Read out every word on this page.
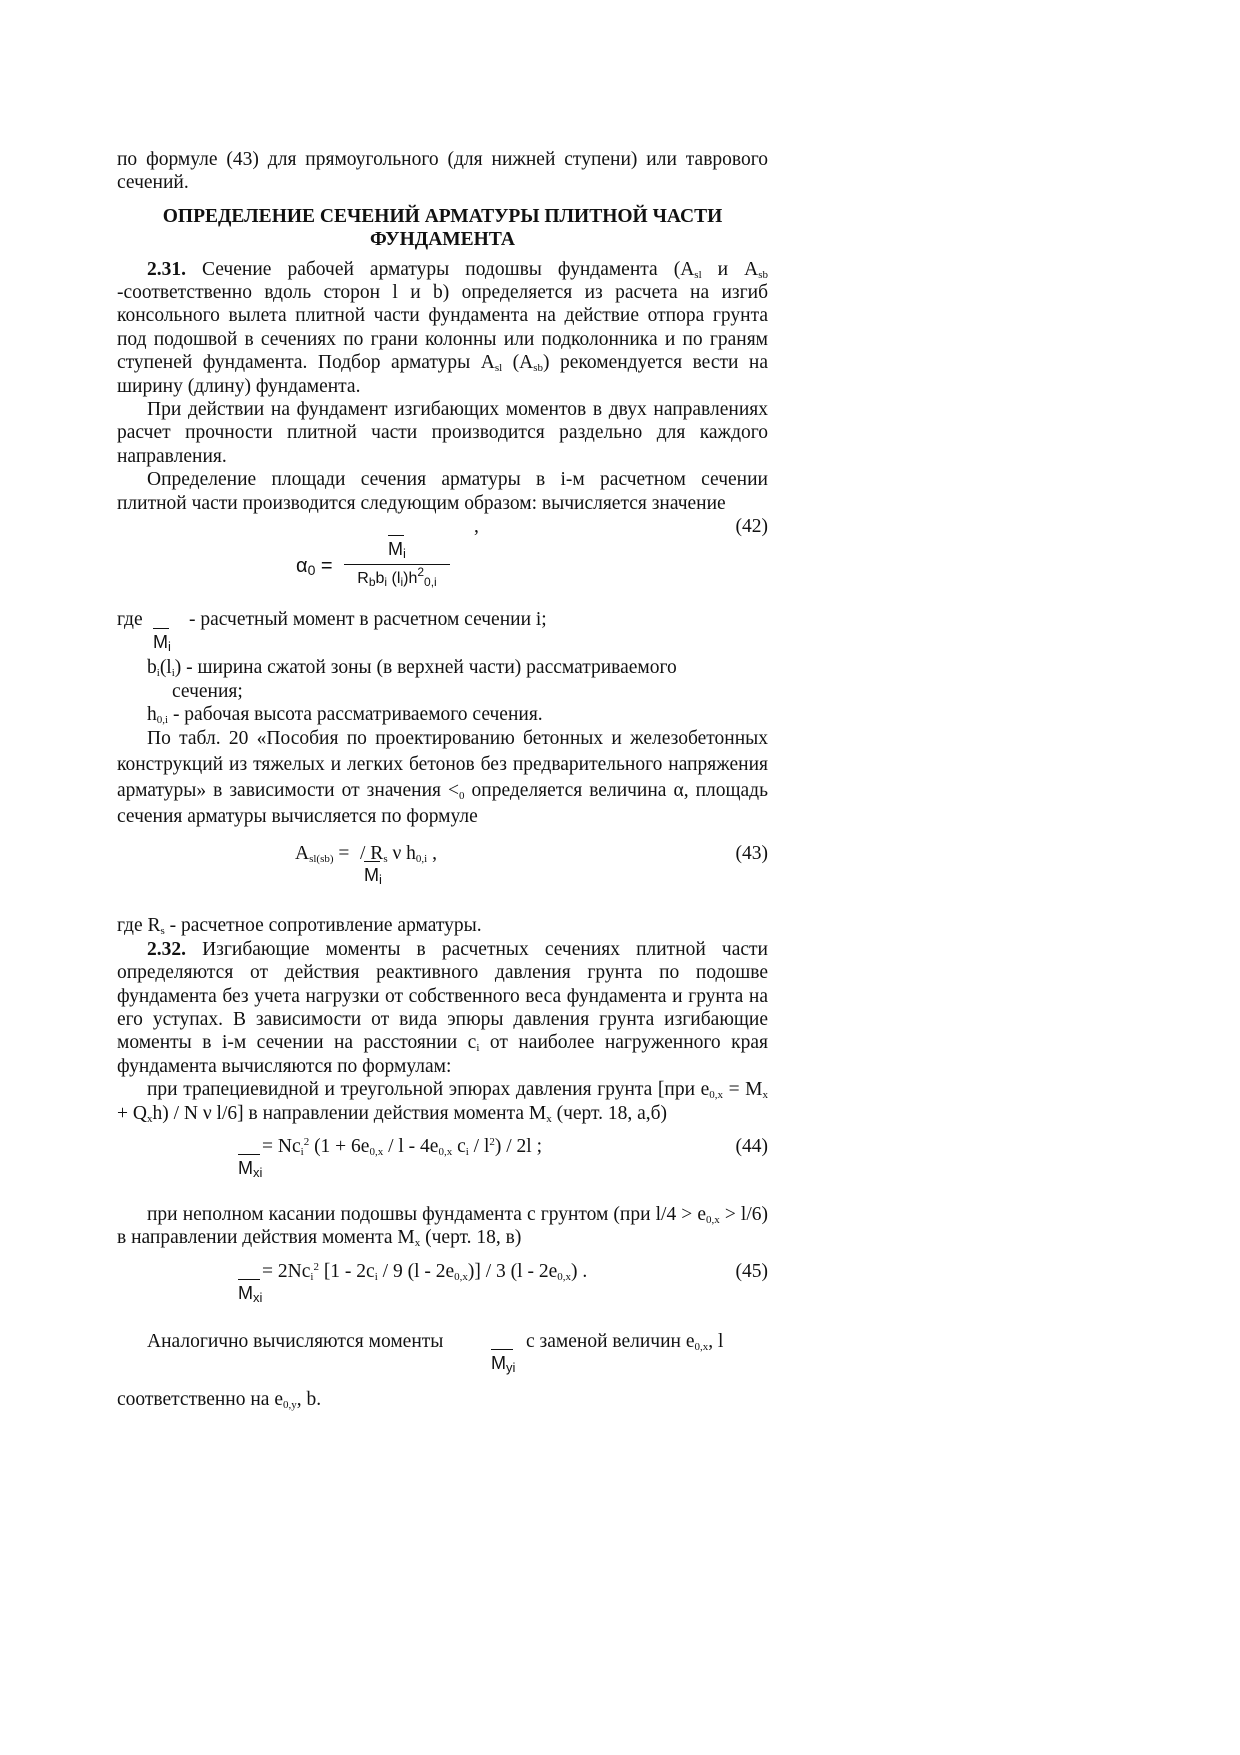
по формуле (43) для прямоугольного (для нижней ступени) или таврового сечений.

ОПРЕДЕЛЕНИЕ СЕЧЕНИЙ АРМАТУРЫ ПЛИТНОЙ ЧАСТИ ФУНДАМЕНТА

2.31. Сечение рабочей арматуры подошвы фундамента ($A_{sl}$ и $A_{sb}$ -соответственно вдоль сторон l и b) определяется из расчета на изгиб консольного вылета плитной части фундамента на действие отпора грунта под подошвой в сечениях по грани колонны или подколонника и по граням ступеней фундамента. Подбор арматуры $A_{sl}$ $(A_{sb})$ рекомендуется вести на ширину (длину) фундамента.

При действии на фундамент изгибающих моментов в двух направлениях расчет прочности плитной части производится раздельно для каждого направления.

Определение площади сечения арматуры в i-м расчетном сечении плитной части производится следующим образом: вычисляется значение

,	(42)
$\alpha_0$ =
$M_i$
$R_bb_i$ $(l_i)h^2_{0,i}$
где - расчетный момент в расчетном сечении i;
$M_i$

$b_i(l_i)$ - ширина сжатой зоны (в верхней части) рассматриваемого

сечения;

$h_{0,i}$ - рабочая высота рассматриваемого сечения.

По табл. 20 «Пособия по проектированию бетонных и железобетонных конструкций из тяжелых и легких бетонов без предварительного напряжения арматуры» в зависимости от значения $<_0$ определяется величина α, площадь сечения арматуры вычисляется по формуле

$A_{sl(sb)}$ = / $R_s$ ν $h_{0,i}$ ,
$M_i$
(43)

где $R_s$ - расчетное сопротивление арматуры.

2.32. Изгибающие моменты в расчетных сечениях плитной части определяются от действия реактивного давления грунта по подошве фундамента без учета нагрузки от собственного веса фундамента и грунта на его уступах. В зависимости от вида эпюры давления грунта изгибающие моменты в i-м сечении на расстоянии $c_i$ от наиболее нагруженного края фундамента вычисляются по формулам:

при трапециевидной и треугольной эпюрах давления грунта [при $e_{0,x} = M_x + Q_xh) / N$ ν l/6] в направлении действия момента $M_x$ (черт. 18, а,б)

= $Nc_i^2$ ($1 + 6e_{0,x} / l - 4e_{0,x}$ $c_i / l^2) / 2l$ ;
$M_{xi}$
(44)

при неполном касании подошвы фундамента с грунтом (при $l/4 > e_{0,x} > l/6$) в направлении действия момента $M_x$ (черт. 18, в)

= $2Nc_i^2$ [$1 - 2c_i / 9$ $(l - 2e_{0,x})] / 3$ $(l - 2e_{0,x})$ .
$M_{xi}$
(45)
Аналогично вычисляются моменты	с заменой величин $e_{0,x}$, l
$M_{yi}$

соответственно на $e_{0,y}$, b.
